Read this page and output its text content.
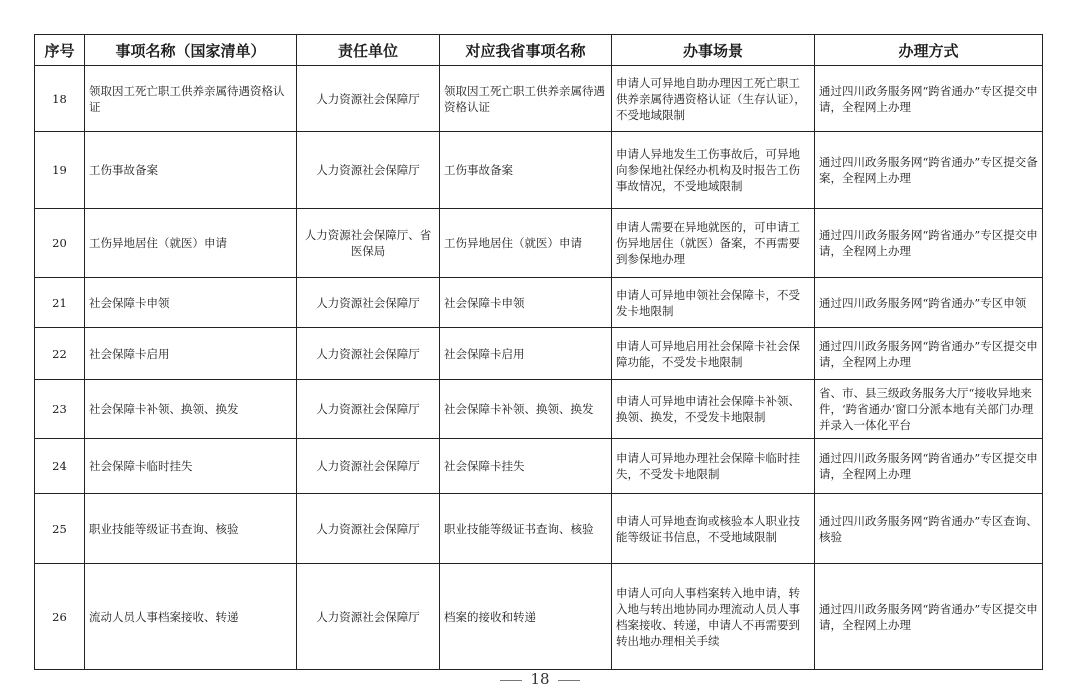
序号	事项名称（国家清单）	责任单位	对应我省事项名称	办事场景	办理方式
18	领取因工死亡职工供养亲属待遇资格认证	人力资源社会保障厅	领取因工死亡职工供养亲属待遇资格认证	申请人可异地自助办理因工死亡职工供养亲属待遇资格认证（生存认证），不受地域限制	通过四川政务服务网“跨省通办”专区提交申请，全程网上办理
19	工伤事故备案	人力资源社会保障厅	工伤事故备案	申请人异地发生工伤事故后，可异地向参保地社保经办机构及时报告工伤事故情况，不受地域限制	通过四川政务服务网“跨省通办”专区提交备案，全程网上办理
20	工伤异地居住（就医）申请	人力资源社会保障厅、省医保局	工伤异地居住（就医）申请	申请人需要在异地就医的，可申请工伤异地居住（就医）备案，不再需要到参保地办理	通过四川政务服务网“跨省通办”专区提交申请，全程网上办理
21	社会保障卡申领	人力资源社会保障厅	社会保障卡申领	申请人可异地申领社会保障卡，不受发卡地限制	通过四川政务服务网“跨省通办”专区申领
22	社会保障卡启用	人力资源社会保障厅	社会保障卡启用	申请人可异地启用社会保障卡社会保障功能，不受发卡地限制	通过四川政务服务网“跨省通办”专区提交申请，全程网上办理
23	社会保障卡补领、换领、换发	人力资源社会保障厅	社会保障卡补领、换领、换发	申请人可异地申请社会保障卡补领、换领、换发，不受发卡地限制	省、市、县三级政务服务大厅“接收异地来件，‘跨省通办’窗口分派本地有关部门办理并录入一体化平台
24	社会保障卡临时挂失	人力资源社会保障厅	社会保障卡挂失	申请人可异地办理社会保障卡临时挂失，不受发卡地限制	通过四川政务服务网“跨省通办”专区提交申请，全程网上办理
25	职业技能等级证书查询、核验	人力资源社会保障厅	职业技能等级证书查询、核验	申请人可异地查询或核验本人职业技能等级证书信息，不受地域限制	通过四川政务服务网“跨省通办”专区查询、核验
26	流动人员人事档案接收、转递	人力资源社会保障厅	档案的接收和转递	申请人可向人事档案转入地申请，转入地与转出地协同办理流动人员人事档案接收、转递，申请人不再需要到转出地办理相关手续	通过四川政务服务网“跨省通办”专区提交申请，全程网上办理
18
